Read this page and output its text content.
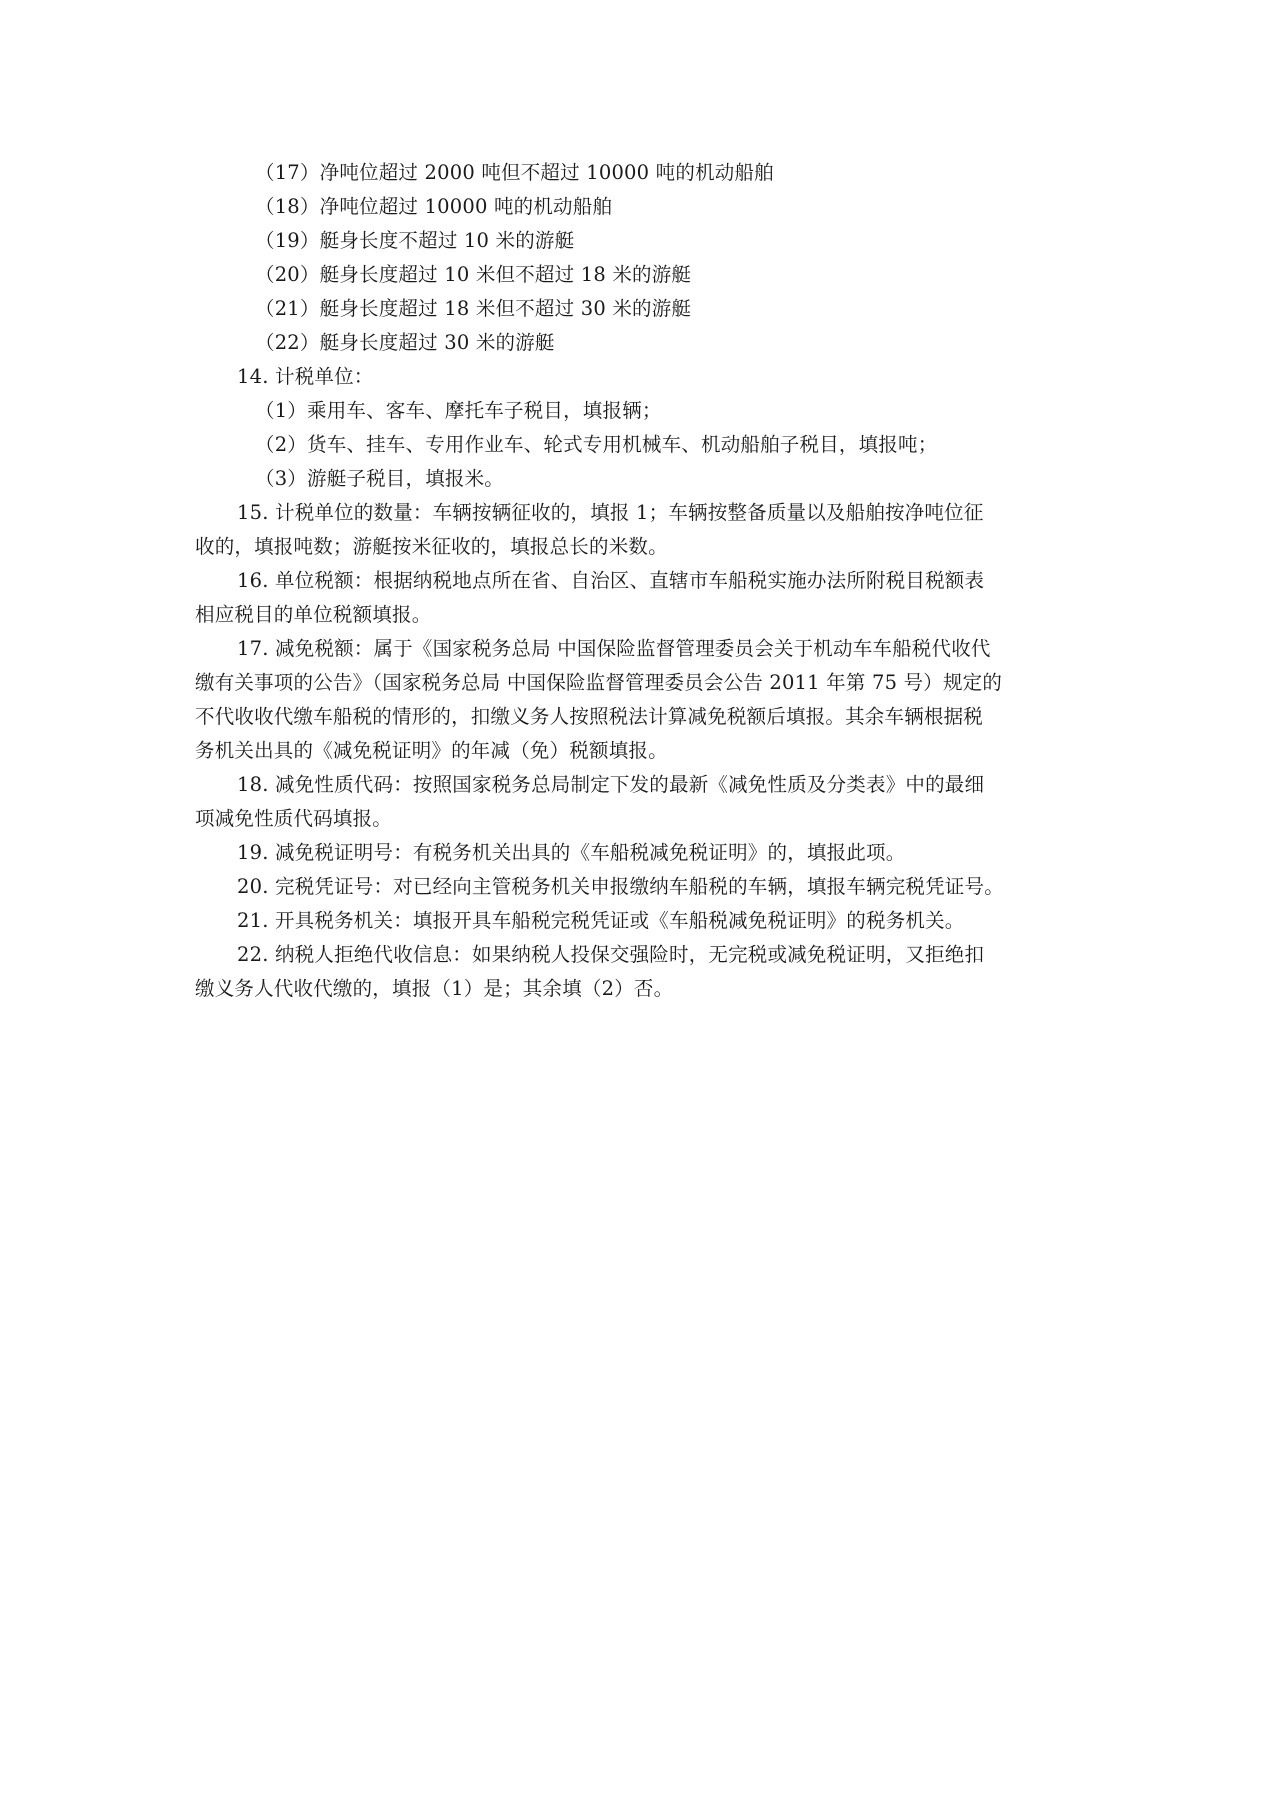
（17）净吨位超过 2000 吨但不超过 10000 吨的机动船舶
（18）净吨位超过 10000 吨的机动船舶
（19）艇身长度不超过 10 米的游艇
（20）艇身长度超过 10 米但不超过 18 米的游艇
（21）艇身长度超过 18 米但不超过 30 米的游艇
（22）艇身长度超过 30 米的游艇
14. 计税单位：
（1）乘用车、客车、摩托车子税目，填报辆；
（2）货车、挂车、专用作业车、轮式专用机械车、机动船舶子税目，填报吨；
（3）游艇子税目，填报米。
15. 计税单位的数量：车辆按辆征收的，填报 1；车辆按整备质量以及船舶按净吨位征
收的，填报吨数；游艇按米征收的，填报总长的米数。
16. 单位税额：根据纳税地点所在省、自治区、直辖市车船税实施办法所附税目税额表
相应税目的单位税额填报。
17. 减免税额：属于《国家税务总局 中国保险监督管理委员会关于机动车车船税代收代
缴有关事项的公告》（国家税务总局 中国保险监督管理委员会公告 2011 年第 75 号）规定的
不代收收代缴车船税的情形的，扣缴义务人按照税法计算减免税额后填报。其余车辆根据税
务机关出具的《减免税证明》的年减（免）税额填报。
18. 减免性质代码：按照国家税务总局制定下发的最新《减免性质及分类表》中的最细
项减免性质代码填报。
19. 减免税证明号：有税务机关出具的《车船税减免税证明》的，填报此项。
20. 完税凭证号：对已经向主管税务机关申报缴纳车船税的车辆，填报车辆完税凭证号。
21. 开具税务机关：填报开具车船税完税凭证或《车船税减免税证明》的税务机关。
22. 纳税人拒绝代收信息：如果纳税人投保交强险时，无完税或减免税证明，又拒绝扣
缴义务人代收代缴的，填报（1）是；其余填（2）否。
